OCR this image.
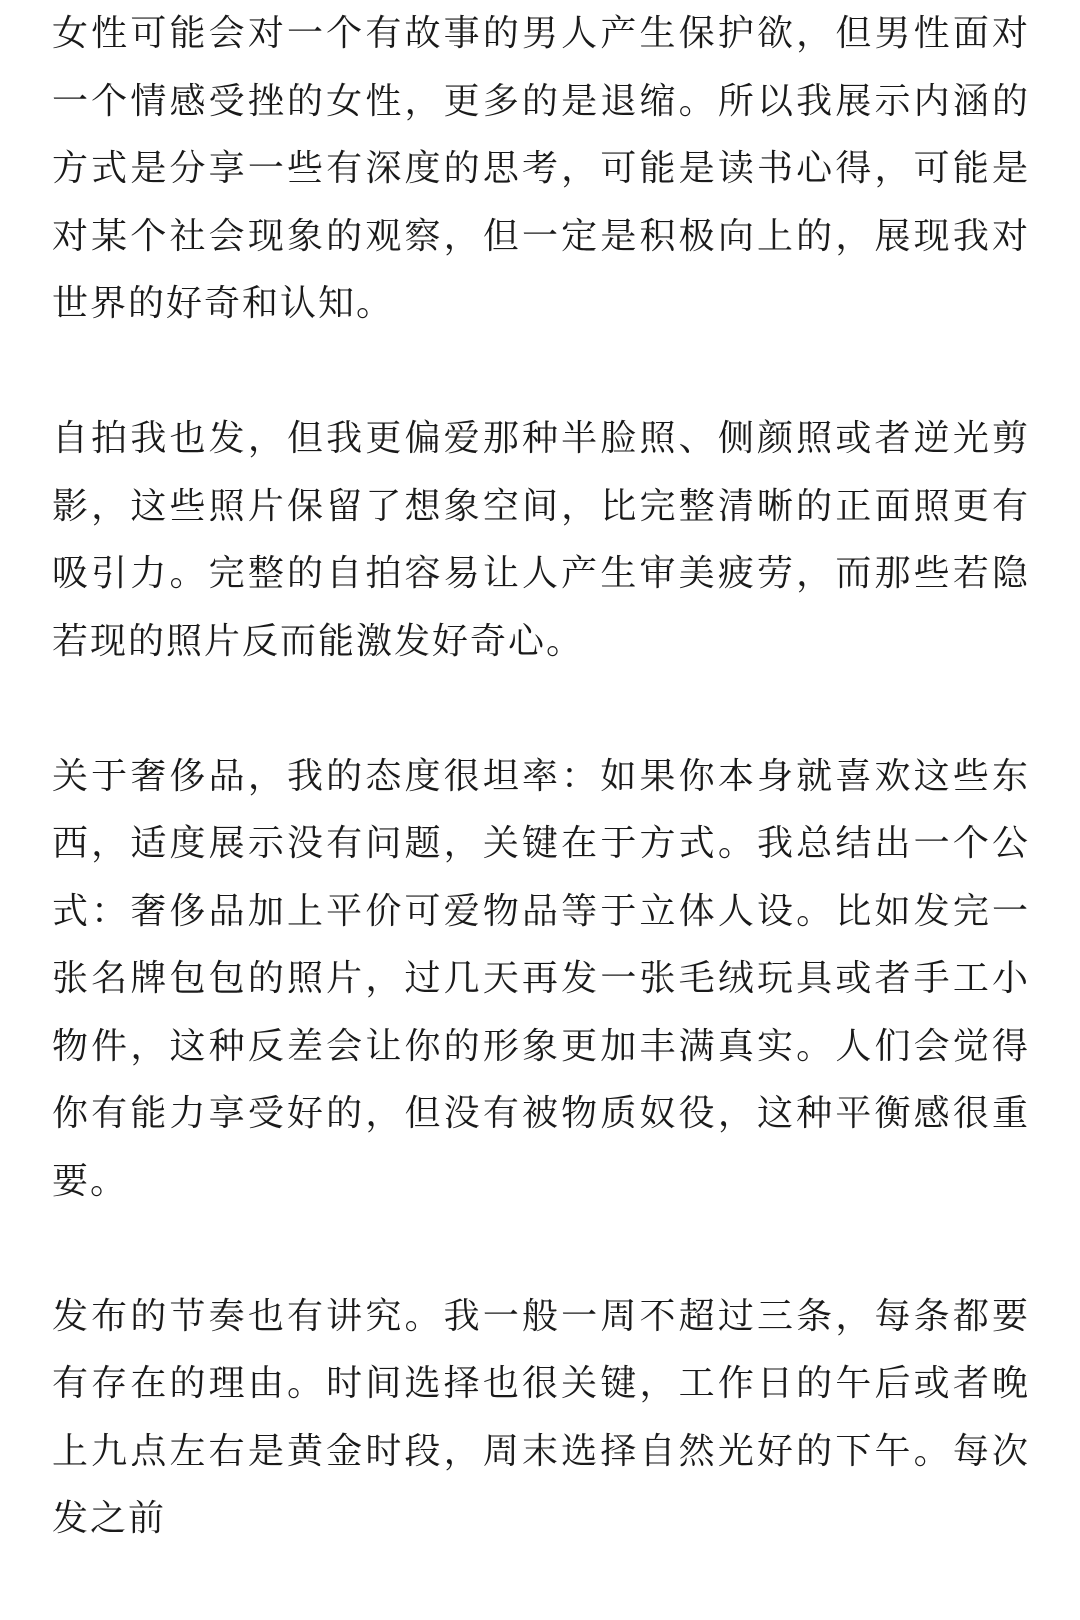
女性可能会对一个有故事的男人产生保护欲，但男性面对一个情感受挫的女性，更多的是退缩。所以我展示内涵的方式是分享一些有深度的思考，可能是读书心得，可能是对某个社会现象的观察，但一定是积极向上的，展现我对世界的好奇和认知。

自拍我也发，但我更偏爱那种半脸照、侧颜照或者逆光剪影，这些照片保留了想象空间，比完整清晰的正面照更有吸引力。完整的自拍容易让人产生审美疲劳，而那些若隐若现的照片反而能激发好奇心。

关于奢侈品，我的态度很坦率：如果你本身就喜欢这些东西，适度展示没有问题，关键在于方式。我总结出一个公式：奢侈品加上平价可爱物品等于立体人设。比如发完一张名牌包包的照片，过几天再发一张毛绒玩具或者手工小物件，这种反差会让你的形象更加丰满真实。人们会觉得你有能力享受好的，但没有被物质奴役，这种平衡感很重要。

发布的节奏也有讲究。我一般一周不超过三条，每条都要有存在的理由。时间选择也很关键，工作日的午后或者晚上九点左右是黄金时段，周末选择自然光好的下午。每次发之前
